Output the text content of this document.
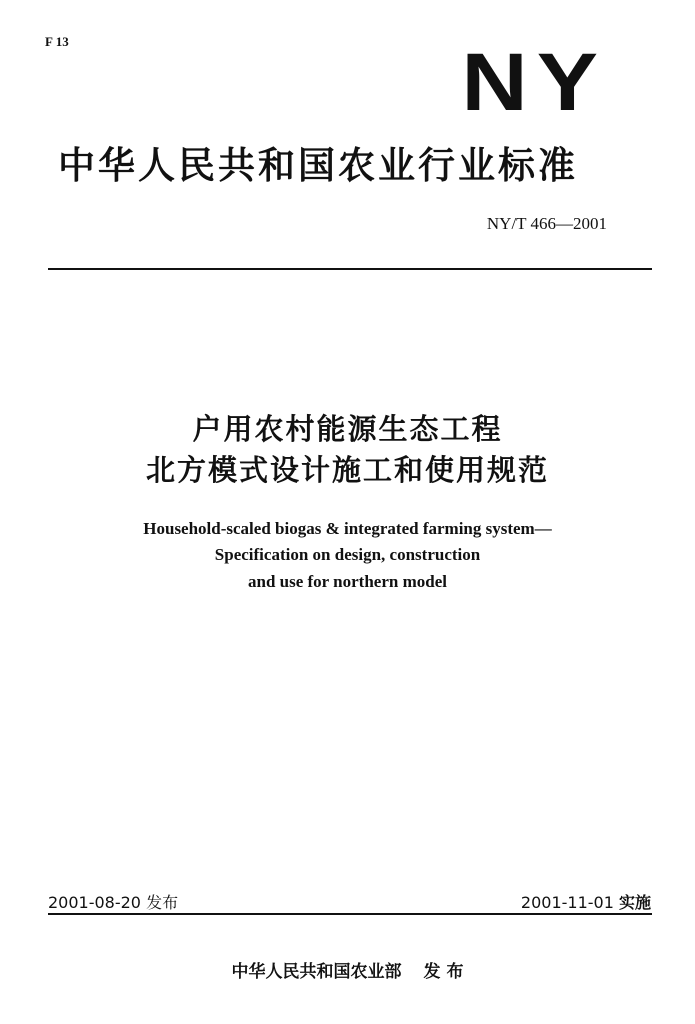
F 13	NY
中华人民共和国农业行业标准
NY/T 466—2001
户用农村能源生态工程
北方模式设计施工和使用规范
Household-scaled biogas & integrated farming system—
Specification on design, construction
and use for northern model
2001-08-20 发布	2001-11-01 实施
中华人民共和国农业部 发 布
